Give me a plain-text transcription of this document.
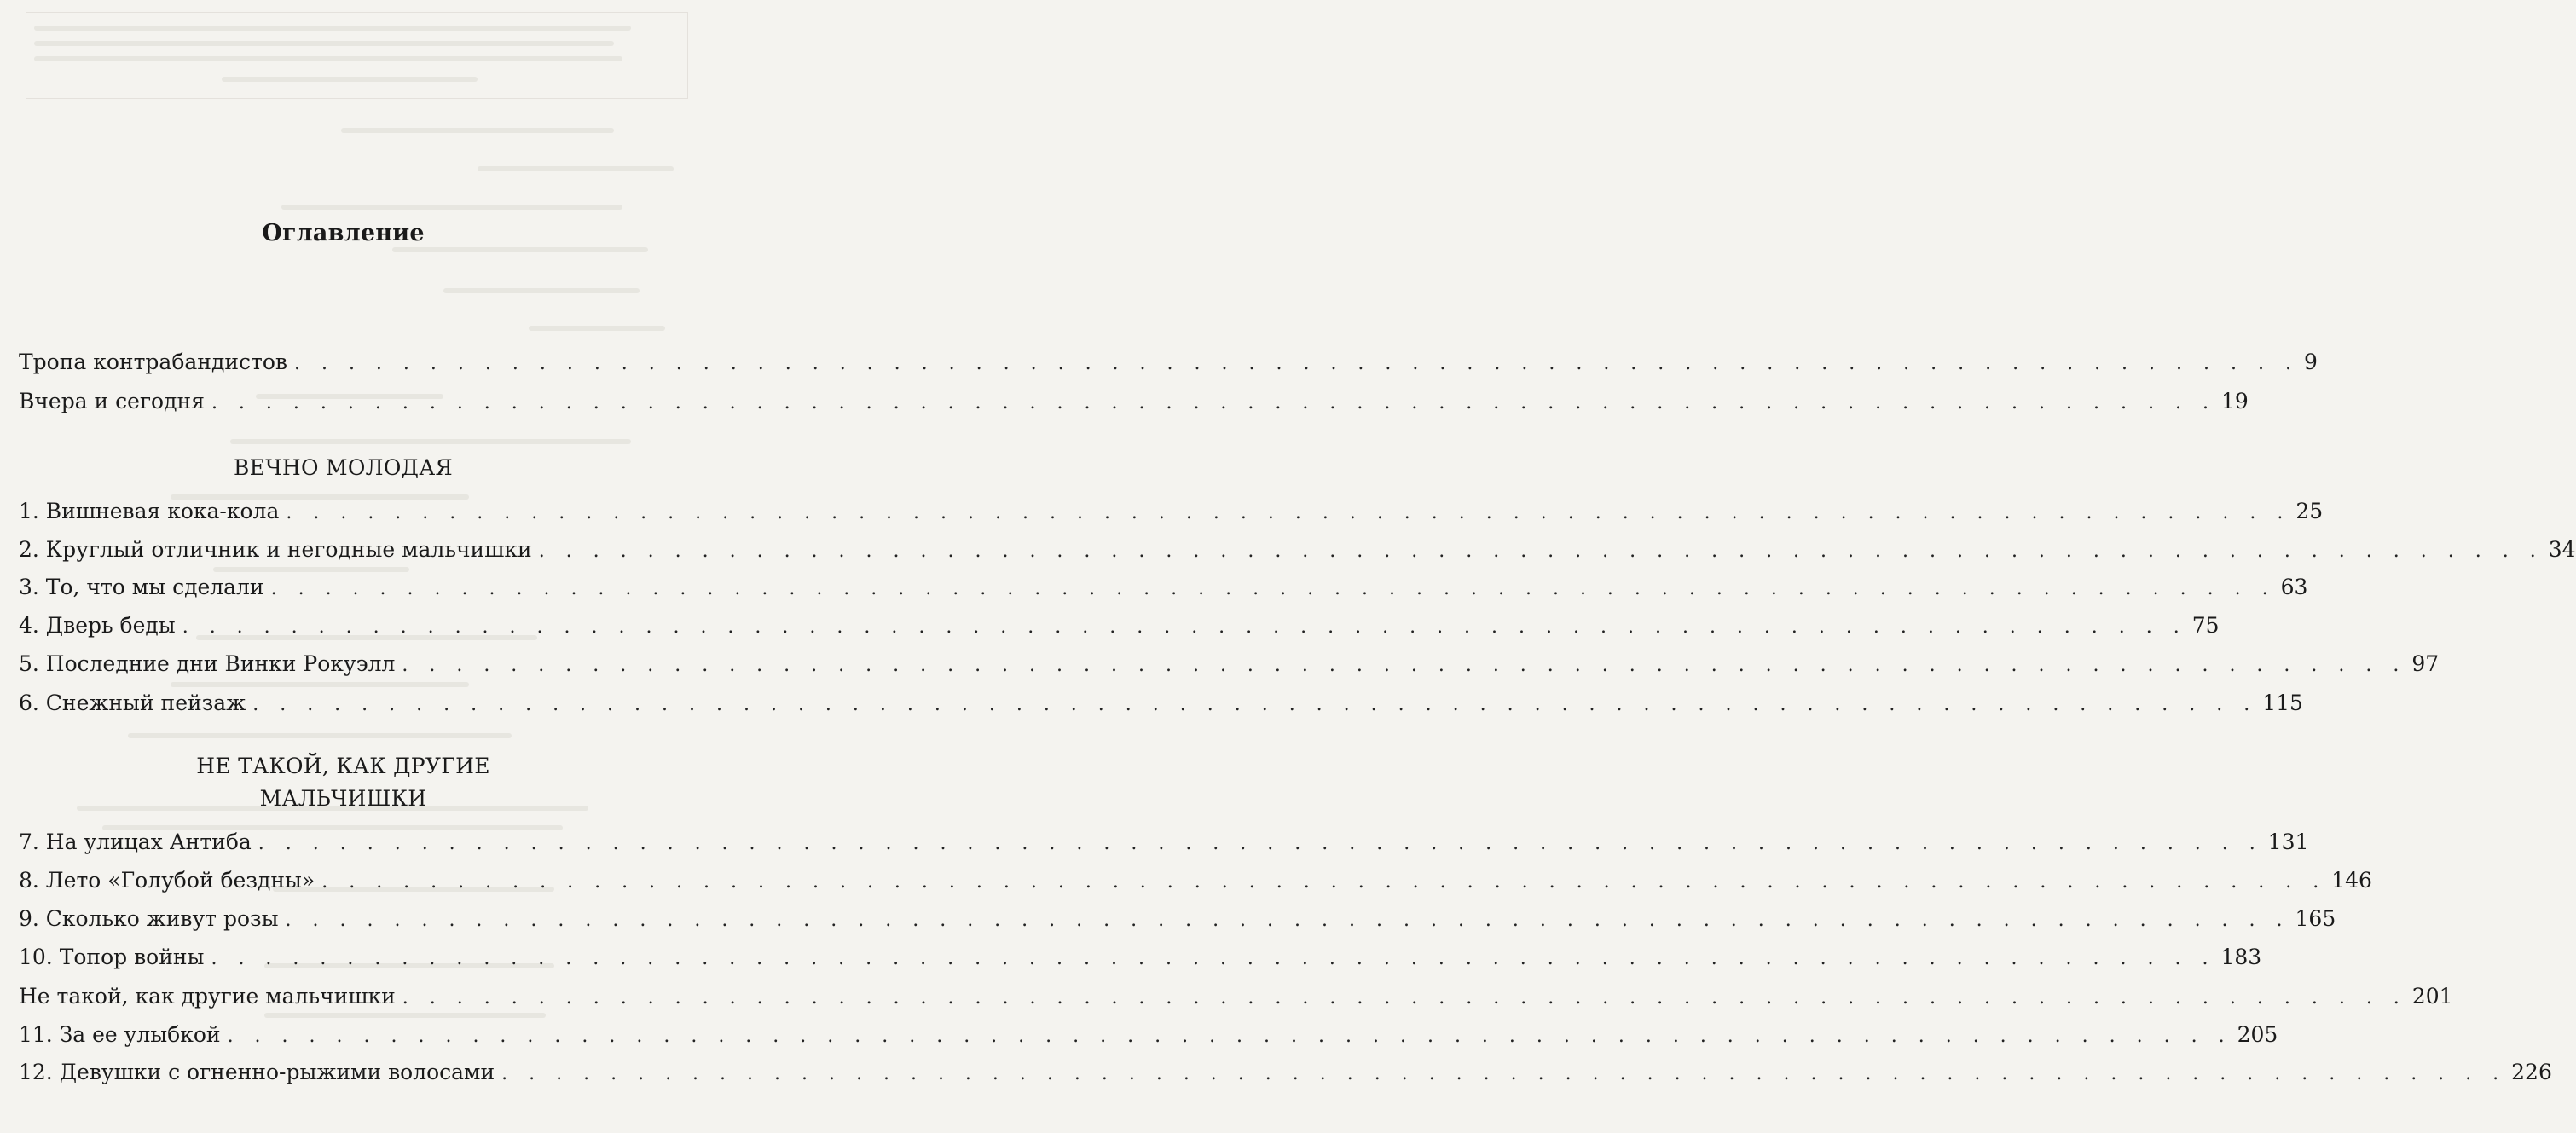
Оглавление
Тропа контрабандистов . . . . . . . . . . . . . . . . . . . . . . . . . . . . . . . . . . . . . . . . . . . . . . . . . . . . . . . . . . . . . . . . . . . . . . . . . . 9
Вчера и сегодня . . . . . . . . . . . . . . . . . . . . . . . . . . . . . . . . . . . . . . . . . . . . . . . . . . . . . . . . . . . . . . . . . . . . . . . . . . 19
ВЕЧНО МОЛОДАЯ
1. Вишневая кока-кола . . . . . . . . . . . . . . . . . . . . . . . . . . . . . . . . . . . . . . . . . . . . . . . . . . . . . . . . . . . . . . . . . . . . . . . . . . 25
2. Круглый отличник и негодные мальчишки . . . . . . . . . . . . . . . . . . . . . . . . . . . . . . . . . . . . . . . . . . . . . . . . . . . . . . . . . . . . . . . . . . . . . . . . . . 34
3. То, что мы сделали . . . . . . . . . . . . . . . . . . . . . . . . . . . . . . . . . . . . . . . . . . . . . . . . . . . . . . . . . . . . . . . . . . . . . . . . . . 63
4. Дверь беды . . . . . . . . . . . . . . . . . . . . . . . . . . . . . . . . . . . . . . . . . . . . . . . . . . . . . . . . . . . . . . . . . . . . . . . . . . 75
5. Последние дни Винки Рокуэлл . . . . . . . . . . . . . . . . . . . . . . . . . . . . . . . . . . . . . . . . . . . . . . . . . . . . . . . . . . . . . . . . . . . . . . . . . . 97
6. Снежный пейзаж . . . . . . . . . . . . . . . . . . . . . . . . . . . . . . . . . . . . . . . . . . . . . . . . . . . . . . . . . . . . . . . . . . . . . . . . . . 115
НЕ ТАКОЙ, КАК ДРУГИЕ
МАЛЬЧИШКИ
7. На улицах Антиба . . . . . . . . . . . . . . . . . . . . . . . . . . . . . . . . . . . . . . . . . . . . . . . . . . . . . . . . . . . . . . . . . . . . . . . . . . 131
8. Лето «Голубой бездны» . . . . . . . . . . . . . . . . . . . . . . . . . . . . . . . . . . . . . . . . . . . . . . . . . . . . . . . . . . . . . . . . . . . . . . . . . . 146
9. Сколько живут розы . . . . . . . . . . . . . . . . . . . . . . . . . . . . . . . . . . . . . . . . . . . . . . . . . . . . . . . . . . . . . . . . . . . . . . . . . . 165
10. Топор войны . . . . . . . . . . . . . . . . . . . . . . . . . . . . . . . . . . . . . . . . . . . . . . . . . . . . . . . . . . . . . . . . . . . . . . . . . . 183
Не такой, как другие мальчишки . . . . . . . . . . . . . . . . . . . . . . . . . . . . . . . . . . . . . . . . . . . . . . . . . . . . . . . . . . . . . . . . . . . . . . . . . . 201
11. За ее улыбкой . . . . . . . . . . . . . . . . . . . . . . . . . . . . . . . . . . . . . . . . . . . . . . . . . . . . . . . . . . . . . . . . . . . . . . . . . . 205
12. Девушки с огненно-рыжими волосами . . . . . . . . . . . . . . . . . . . . . . . . . . . . . . . . . . . . . . . . . . . . . . . . . . . . . . . . . . . . . . . . . . . . . . . . . . 226
